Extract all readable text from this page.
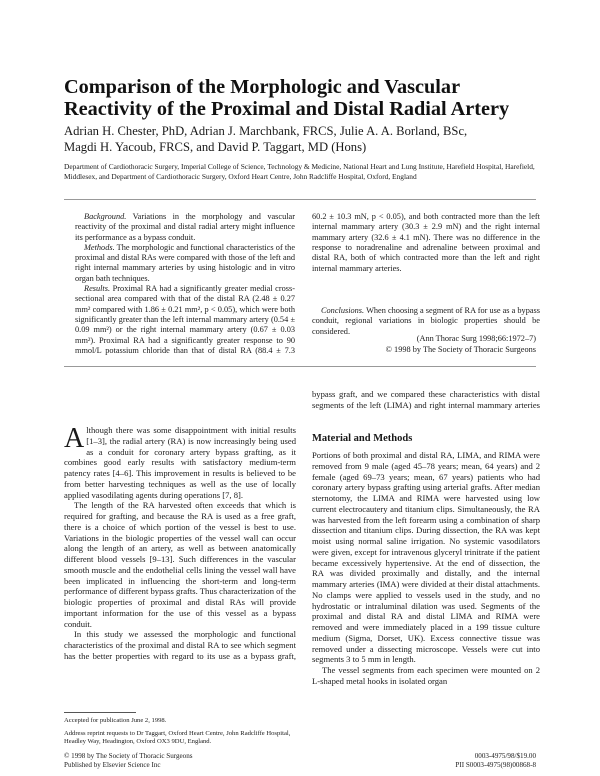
Comparison of the Morphologic and Vascular Reactivity of the Proximal and Distal Radial Artery
Adrian H. Chester, PhD, Adrian J. Marchbank, FRCS, Julie A. A. Borland, BSc,
Magdi H. Yacoub, FRCS, and David P. Taggart, MD (Hons)
Department of Cardiothoracic Surgery, Imperial College of Science, Technology & Medicine, National Heart and Lung Institute, Harefield Hospital, Harefield, Middlesex, and Department of Cardiothoracic Surgery, Oxford Heart Centre, John Radcliffe Hospital, Oxford, England

Background. Variations in the morphology and vascular reactivity of the proximal and distal radial artery might influence its performance as a bypass conduit.

Methods. The morphologic and functional characteristics of the proximal and distal RAs were compared with those of the left and right internal mammary arteries by using histologic and in vitro organ bath techniques.

Results. Proximal RA had a significantly greater medial cross-sectional area compared with that of the distal RA (2.48 ± 0.27 mm² compared with 1.86 ± 0.21 mm², p < 0.05), which were both significantly greater than the left internal mammary artery (0.54 ± 0.09 mm²) or the right internal mammary artery (0.67 ± 0.03 mm²). Proximal RA had a significantly greater response to 90 mmol/L potassium chloride than that of distal RA (88.4 ± 7.3

60.2 ± 10.3 mN, p < 0.05), and both contracted more than the left internal mammary artery (30.3 ± 2.9 mN) and the right internal mammary artery (32.6 ± 4.1 mN). There was no difference in the response to noradrenaline and adrenaline between proximal and distal RA, both of which contracted more than the left and right internal mammary arteries.

Conclusions. When choosing a segment of RA for use as a bypass conduit, regional variations in biologic properties should be considered.

(Ann Thorac Surg 1998;66:1972–7)
© 1998 by The Society of Thoracic Surgeons

Although there was some disappointment with initial results [1–3], the radial artery (RA) is now increasingly being used as a conduit for coronary artery bypass grafting, as it combines good early results with satisfactory medium-term patency rates [4–6]. This improvement in results is believed to be from better harvesting techniques as well as the use of locally applied vasodilating agents during operations [7, 8].

The length of the RA harvested often exceeds that which is required for grafting, and because the RA is used as a free graft, there is a choice of which portion of the vessel is best to use. Variations in the biologic properties of the vessel wall can occur along the length of an artery, as well as between anatomically different blood vessels [9–13]. Such differences in the vascular smooth muscle and the endothelial cells lining the vessel wall have been implicated in influencing the short-term and long-term performance of different bypass grafts. Thus characterization of the biologic properties of proximal and distal RAs will provide important information for the use of this vessel as a bypass conduit.

In this study we assessed the morphologic and functional characteristics of the proximal and distal RA to see which segment has the better properties with regard to its use as a bypass graft,

bypass graft, and we compared these characteristics with distal segments of the left (LIMA) and right internal mammary arteries

Material and Methods

Portions of both proximal and distal RA, LIMA, and RIMA were removed from 9 male (aged 45–78 years; mean, 64 years) and 2 female (aged 69–73 years; mean, 67 years) patients who had coronary artery bypass grafting using arterial grafts. After median sternotomy, the LIMA and RIMA were harvested using low current electrocautery and titanium clips. Simultaneously, the RA was harvested from the left forearm using a combination of sharp dissection and titanium clips. During dissection, the RA was kept moist using normal saline irrigation. No systemic vasodilators were given, except for intravenous glyceryl trinitrate if the patient became excessively hypertensive. At the end of dissection, the RA was divided proximally and distally, and the internal mammary arteries (IMA) were divided at their distal attachments. No clamps were applied to vessels used in the study, and no hydrostatic or intraluminal dilation was used. Segments of the proximal and distal RA and distal LIMA and RIMA were removed and were immediately placed in a 199 tissue culture medium (Sigma, Dorset, UK). Excess connective tissue was removed under a dissecting microscope. Vessels were cut into segments 3 to 5 mm in length.

The vessel segments from each specimen were mounted on 2 L-shaped metal hooks in isolated organ

Accepted for publication June 2, 1998.
Address reprint requests to Dr Taggart, Oxford Heart Centre, John Radcliffe Hospital, Headley Way, Headington, Oxford OX3 9DU, England.
© 1998 by The Society of Thoracic Surgeons
Published by Elsevier Science Inc
0003-4975/98/$19.00
PII S0003-4975(98)00868-8
